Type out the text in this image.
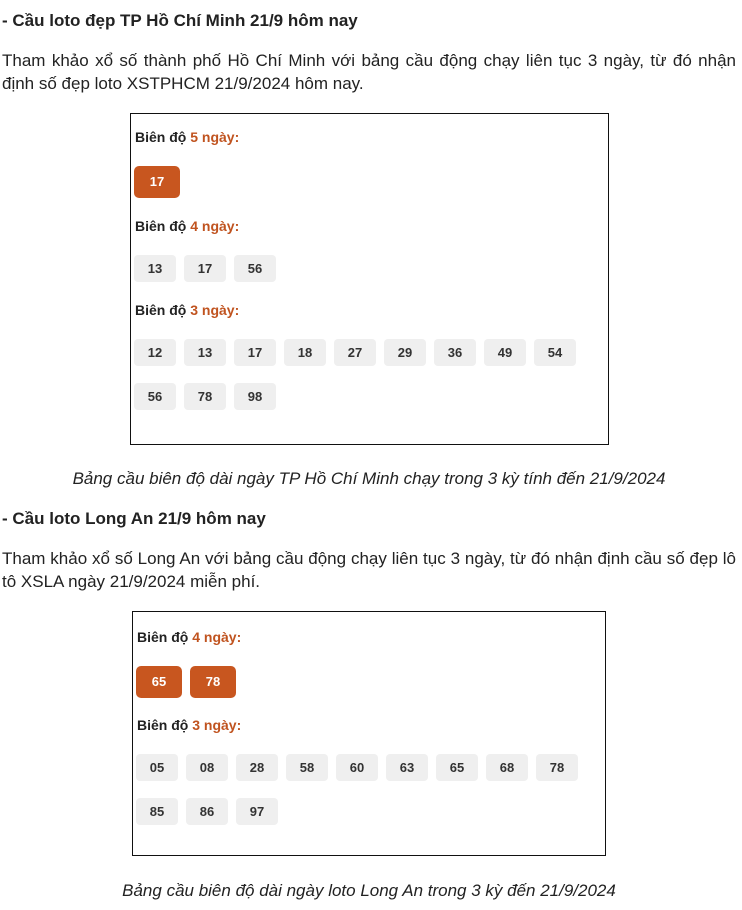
- Cầu loto đẹp TP Hồ Chí Minh 21/9 hôm nay

Tham khảo xổ số thành phố Hồ Chí Minh với bảng cầu động chạy liên tục 3 ngày, từ đó nhận định số đẹp loto XSTPHCM 21/9/2024 hôm nay.

Biên độ 5 ngày:
17
Biên độ 4 ngày:
13	17	56
Biên độ 3 ngày:
12	13	17	18	27	29	36	49	54
56	78	98

Bảng cầu biên độ dài ngày TP Hồ Chí Minh chạy trong 3 kỳ tính đến 21/9/2024

- Cầu loto Long An 21/9 hôm nay

Tham khảo xổ số Long An với bảng cầu động chạy liên tục 3 ngày, từ đó nhận định cầu số đẹp lô tô XSLA ngày 21/9/2024 miễn phí.

Biên độ 4 ngày:
65	78
Biên độ 3 ngày:
05	08	28	58	60	63	65	68	78
85	86	97

Bảng cầu biên độ dài ngày loto Long An trong 3 kỳ đến 21/9/2024
